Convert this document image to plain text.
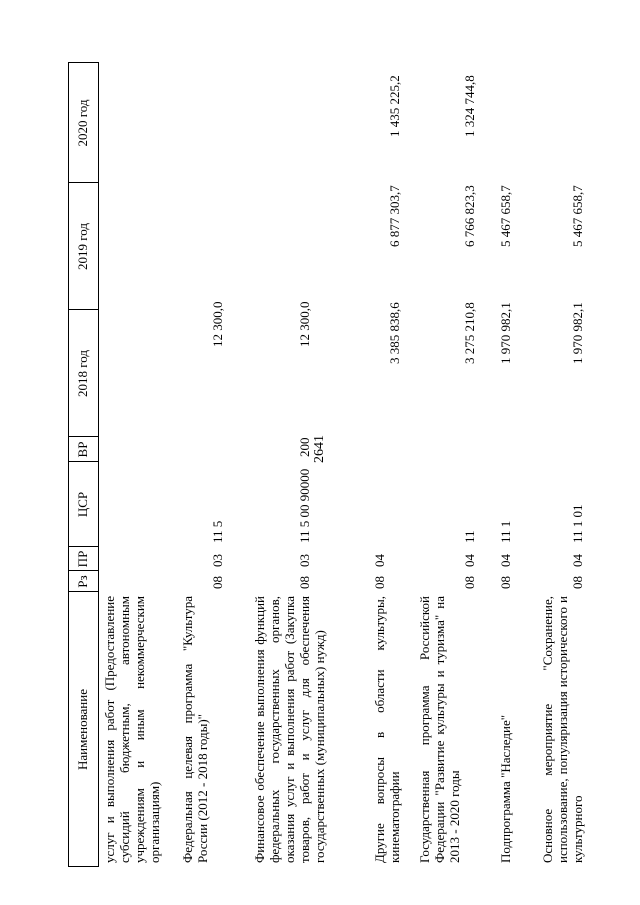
2641
Наименование
Рз
ПР
ЦСР
ВР
2018 год
2019 год
2020 год
услуг и выполнения работ (Предоставление субсидий бюджетным, автономным учреждениям и иным некоммерческим организациям) Федеральная целевая программа "Культура России (2012 - 2018 годы)"
08
03
11 5
12 300,0
Финансовое обеспечение выполнения функций федеральных государственных органов, оказания услуг и выполнения работ (Закупка товаров, работ и услуг для обеспечения государственных (муниципальных) нужд)
08
03
11 5 00 90000
200
12 300,0
Другие вопросы в области культуры, кинематографии
08
04
3 385 838,6
6 877 303,7
1 435 225,2
Государственная программа Российской Федерации "Развитие культуры и туризма" на 2013 - 2020 годы
08
04
11
3 275 210,8
6 766 823,3
1 324 744,8
Подпрограмма "Наследие"
08
04
11 1
1 970 982,1
5 467 658,7
Основное мероприятие "Сохранение, использование, популяризация исторического и культурного
08
04
11 1 01
1 970 982,1
5 467 658,7
